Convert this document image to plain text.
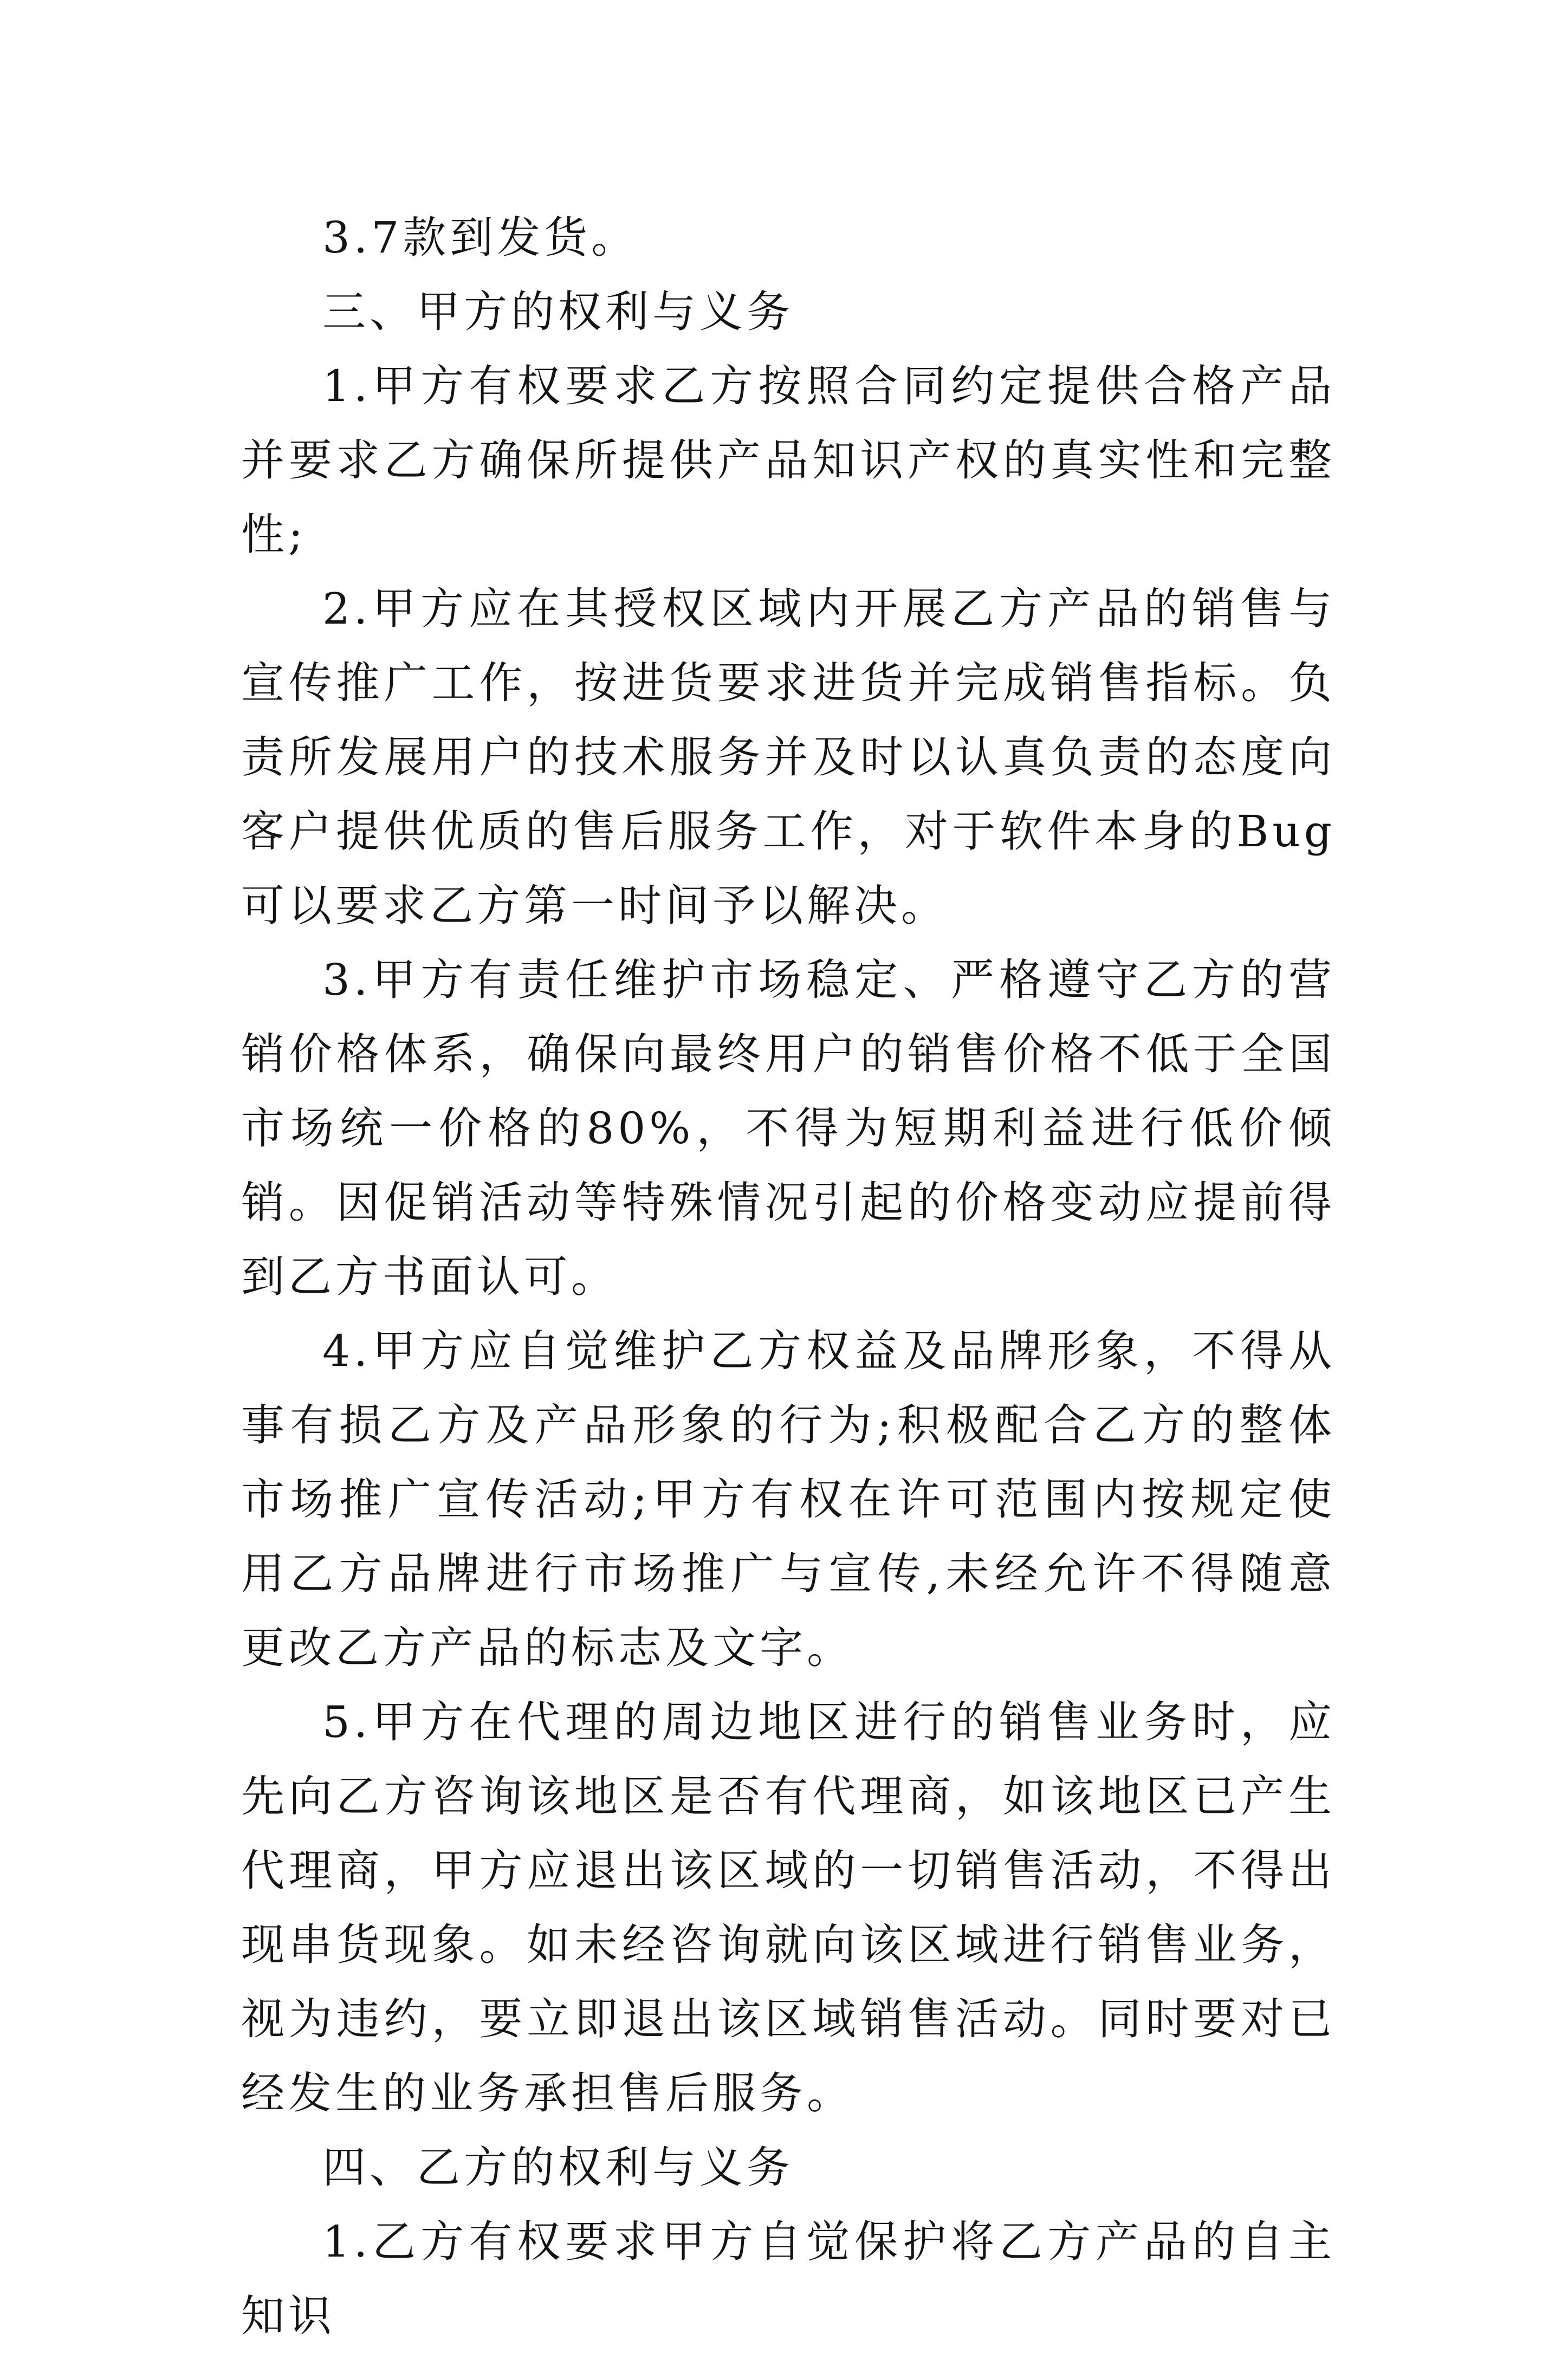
3.7款到发货。

三、甲方的权利与义务

1.甲方有权要求乙方按照合同约定提供合格产品并要求乙方确保所提供产品知识产权的真实性和完整性;

2.甲方应在其授权区域内开展乙方产品的销售与宣传推广工作，按进货要求进货并完成销售指标。负责所发展用户的技术服务并及时以认真负责的态度向客户提供优质的售后服务工作，对于软件本身的Bug可以要求乙方第一时间予以解决。

3.甲方有责任维护市场稳定、严格遵守乙方的营销价格体系，确保向最终用户的销售价格不低于全国市场统一价格的80%，不得为短期利益进行低价倾销。因促销活动等特殊情况引起的价格变动应提前得到乙方书面认可。

4.甲方应自觉维护乙方权益及品牌形象，不得从事有损乙方及产品形象的行为;积极配合乙方的整体市场推广宣传活动;甲方有权在许可范围内按规定使用乙方品牌进行市场推广与宣传,未经允许不得随意更改乙方产品的标志及文字。

5.甲方在代理的周边地区进行的销售业务时，应先向乙方咨询该地区是否有代理商，如该地区已产生代理商，甲方应退出该区域的一切销售活动，不得出现串货现象。如未经咨询就向该区域进行销售业务，视为违约，要立即退出该区域销售活动。同时要对已经发生的业务承担售后服务。

四、乙方的权利与义务

1.乙方有权要求甲方自觉保护将乙方产品的自主知识
